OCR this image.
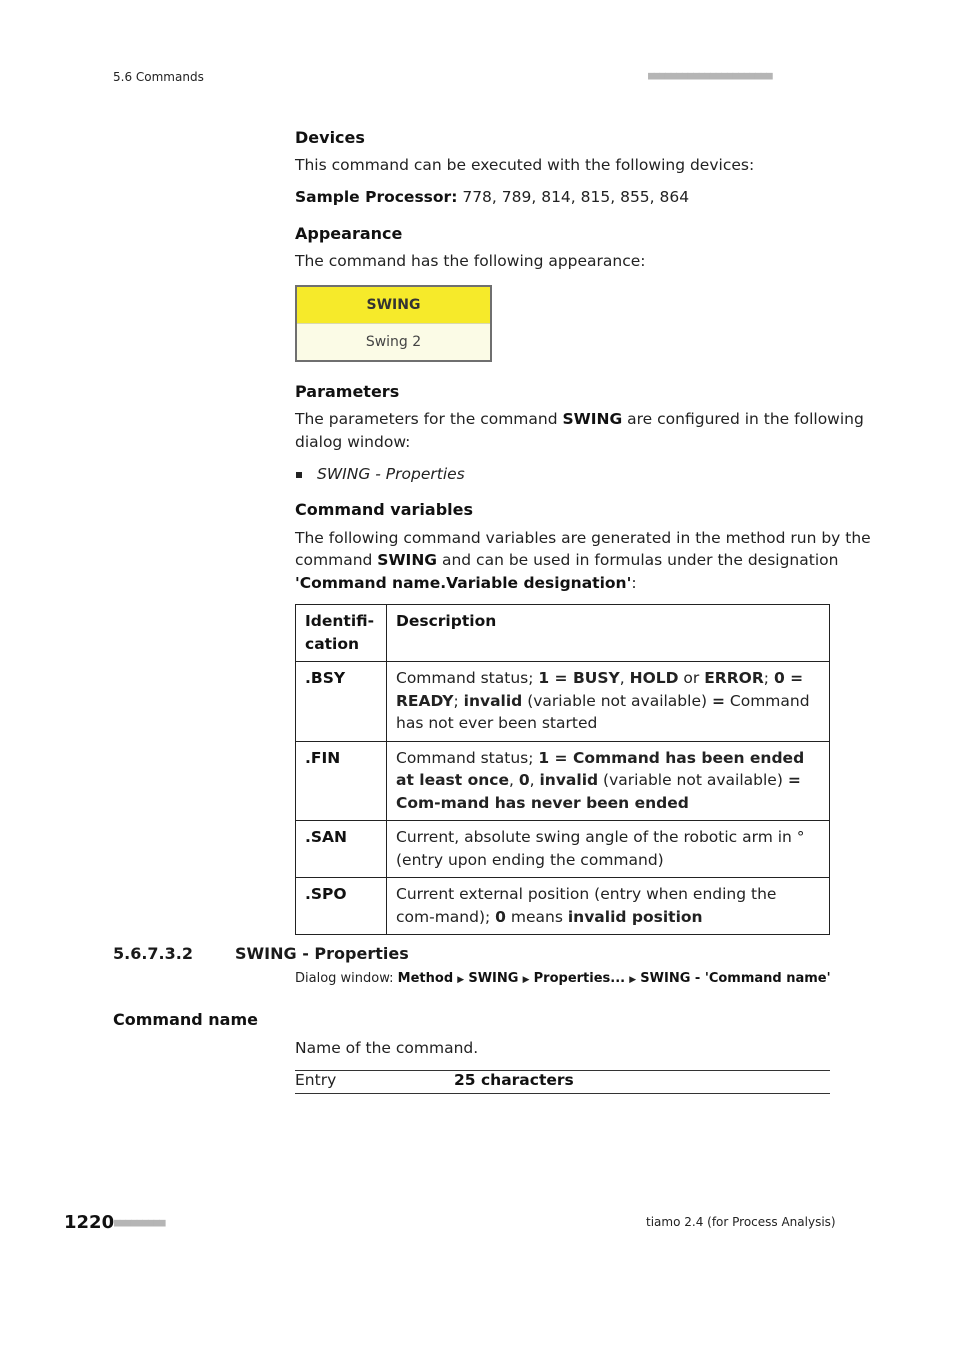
5.6 Commands	■■■■■■■■■■■■■■■■■■■■■■
Devices
This command can be executed with the following devices:
Sample Processor: 778, 789, 814, 815, 855, 864
Appearance
The command has the following appearance:
SWING
Swing 2
Parameters
The parameters for the command SWING are configured in the following
dialog window:
SWING - Properties
Command variables
The following command variables are generated in the method run by the
command SWING and can be used in formulas under the designation
'Command name.Variable designation':
Identifi-
cation	Description
.BSY	Command status; 1 = BUSY, HOLD or ERROR; 0 =
READY; invalid (variable not available) = Command has not ever been started
.FIN	Command status; 1 = Command has been ended at least once, 0, invalid (variable not available) = Com-mand has never been ended
.SAN	Current, absolute swing angle of the robotic arm in ° (entry upon ending the command)
.SPO	Current external position (entry when ending the com-mand); 0 means invalid position
5.6.7.3.2	SWING - Properties
Dialog window: Method ▶ SWING ▶ Properties... ▶ SWING - 'Command name'
Command name
Name of the command.
Entry	25 characters
1220 ■■■■■■■■■	tiamo 2.4 (for Process Analysis)
